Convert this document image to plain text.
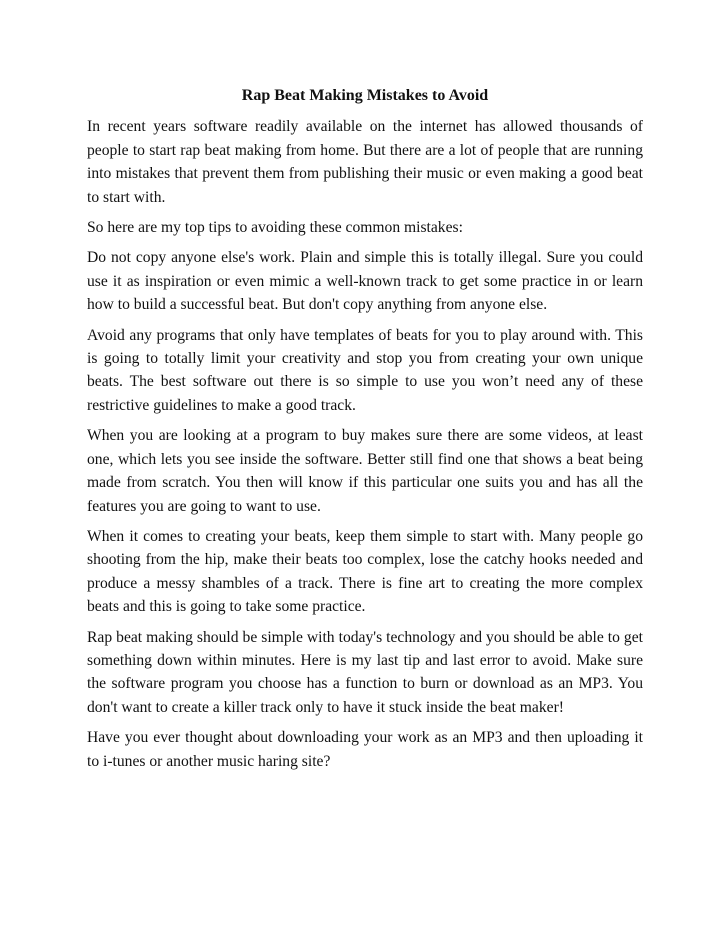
Rap Beat Making Mistakes to Avoid

In recent years software readily available on the internet has allowed thousands of people to start rap beat making from home. But there are a lot of people that are running into mistakes that prevent them from publishing their music or even making a good beat to start with.

So here are my top tips to avoiding these common mistakes:

Do not copy anyone else's work. Plain and simple this is totally illegal. Sure you could use it as inspiration or even mimic a well-known track to get some practice in or learn how to build a successful beat. But don't copy anything from anyone else.

Avoid any programs that only have templates of beats for you to play around with. This is going to totally limit your creativity and stop you from creating your own unique beats. The best software out there is so simple to use you won’t need any of these restrictive guidelines to make a good track.

When you are looking at a program to buy makes sure there are some videos, at least one, which lets you see inside the software. Better still find one that shows a beat being made from scratch. You then will know if this particular one suits you and has all the features you are going to want to use.

When it comes to creating your beats, keep them simple to start with. Many people go shooting from the hip, make their beats too complex, lose the catchy hooks needed and produce a messy shambles of a track. There is fine art to creating the more complex beats and this is going to take some practice.

Rap beat making should be simple with today's technology and you should be able to get something down within minutes. Here is my last tip and last error to avoid. Make sure the software program you choose has a function to burn or download as an MP3. You don't want to create a killer track only to have it stuck inside the beat maker!

Have you ever thought about downloading your work as an MP3 and then uploading it to i-tunes or another music haring site?
